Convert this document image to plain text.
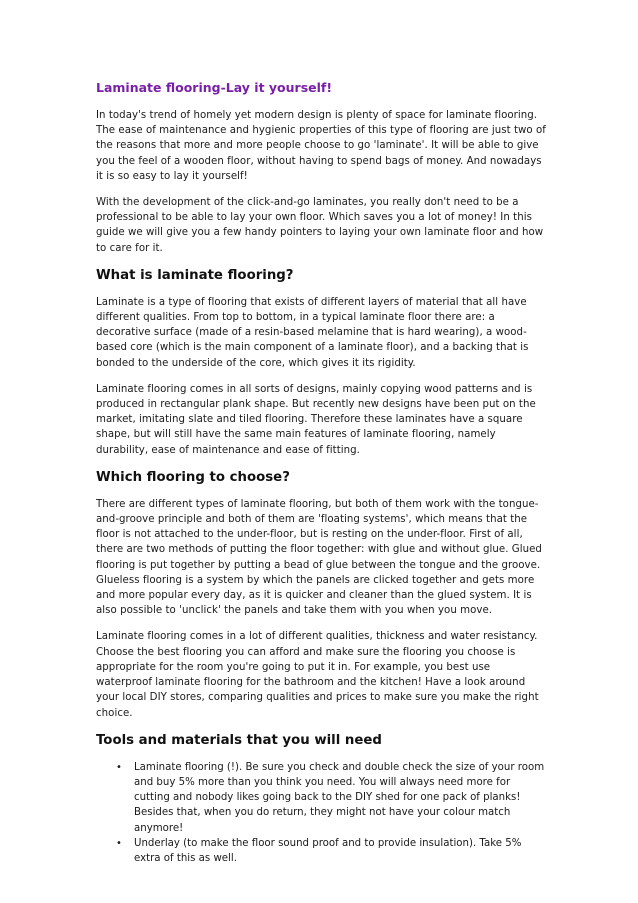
Laminate flooring-Lay it yourself!

In today's trend of homely yet modern design is plenty of space for laminate flooring. The ease of maintenance and hygienic properties of this type of flooring are just two of the reasons that more and more people choose to go 'laminate'. It will be able to give you the feel of a wooden floor, without having to spend bags of money. And nowadays it is so easy to lay it yourself!

With the development of the click-and-go laminates, you really don't need to be a professional to be able to lay your own floor. Which saves you a lot of money! In this guide we will give you a few handy pointers to laying your own laminate floor and how to care for it.

What is laminate flooring?

Laminate is a type of flooring that exists of different layers of material that all have different qualities. From top to bottom, in a typical laminate floor there are: a decorative surface (made of a resin-based melamine that is hard wearing), a wood-based core (which is the main component of a laminate floor), and a backing that is bonded to the underside of the core, which gives it its rigidity.

Laminate flooring comes in all sorts of designs, mainly copying wood patterns and is produced in rectangular plank shape. But recently new designs have been put on the market, imitating slate and tiled flooring. Therefore these laminates have a square shape, but will still have the same main features of laminate flooring, namely durability, ease of maintenance and ease of fitting.

Which flooring to choose?

There are different types of laminate flooring, but both of them work with the tongue-and-groove principle and both of them are 'floating systems', which means that the floor is not attached to the under-floor, but is resting on the under-floor. First of all, there are two methods of putting the floor together: with glue and without glue. Glued flooring is put together by putting a bead of glue between the tongue and the groove. Glueless flooring is a system by which the panels are clicked together and gets more and more popular every day, as it is quicker and cleaner than the glued system. It is also possible to 'unclick' the panels and take them with you when you move.

Laminate flooring comes in a lot of different qualities, thickness and water resistancy. Choose the best flooring you can afford and make sure the flooring you choose is appropriate for the room you're going to put it in. For example, you best use waterproof laminate flooring for the bathroom and the kitchen! Have a look around your local DIY stores, comparing qualities and prices to make sure you make the right choice.

Tools and materials that you will need
• Laminate flooring (!). Be sure you check and double check the size of your room and buy 5% more than you think you need. You will always need more for cutting and nobody likes going back to the DIY shed for one pack of planks! Besides that, when you do return, they might not have your colour match anymore!
• Underlay (to make the floor sound proof and to provide insulation). Take 5% extra of this as well.
